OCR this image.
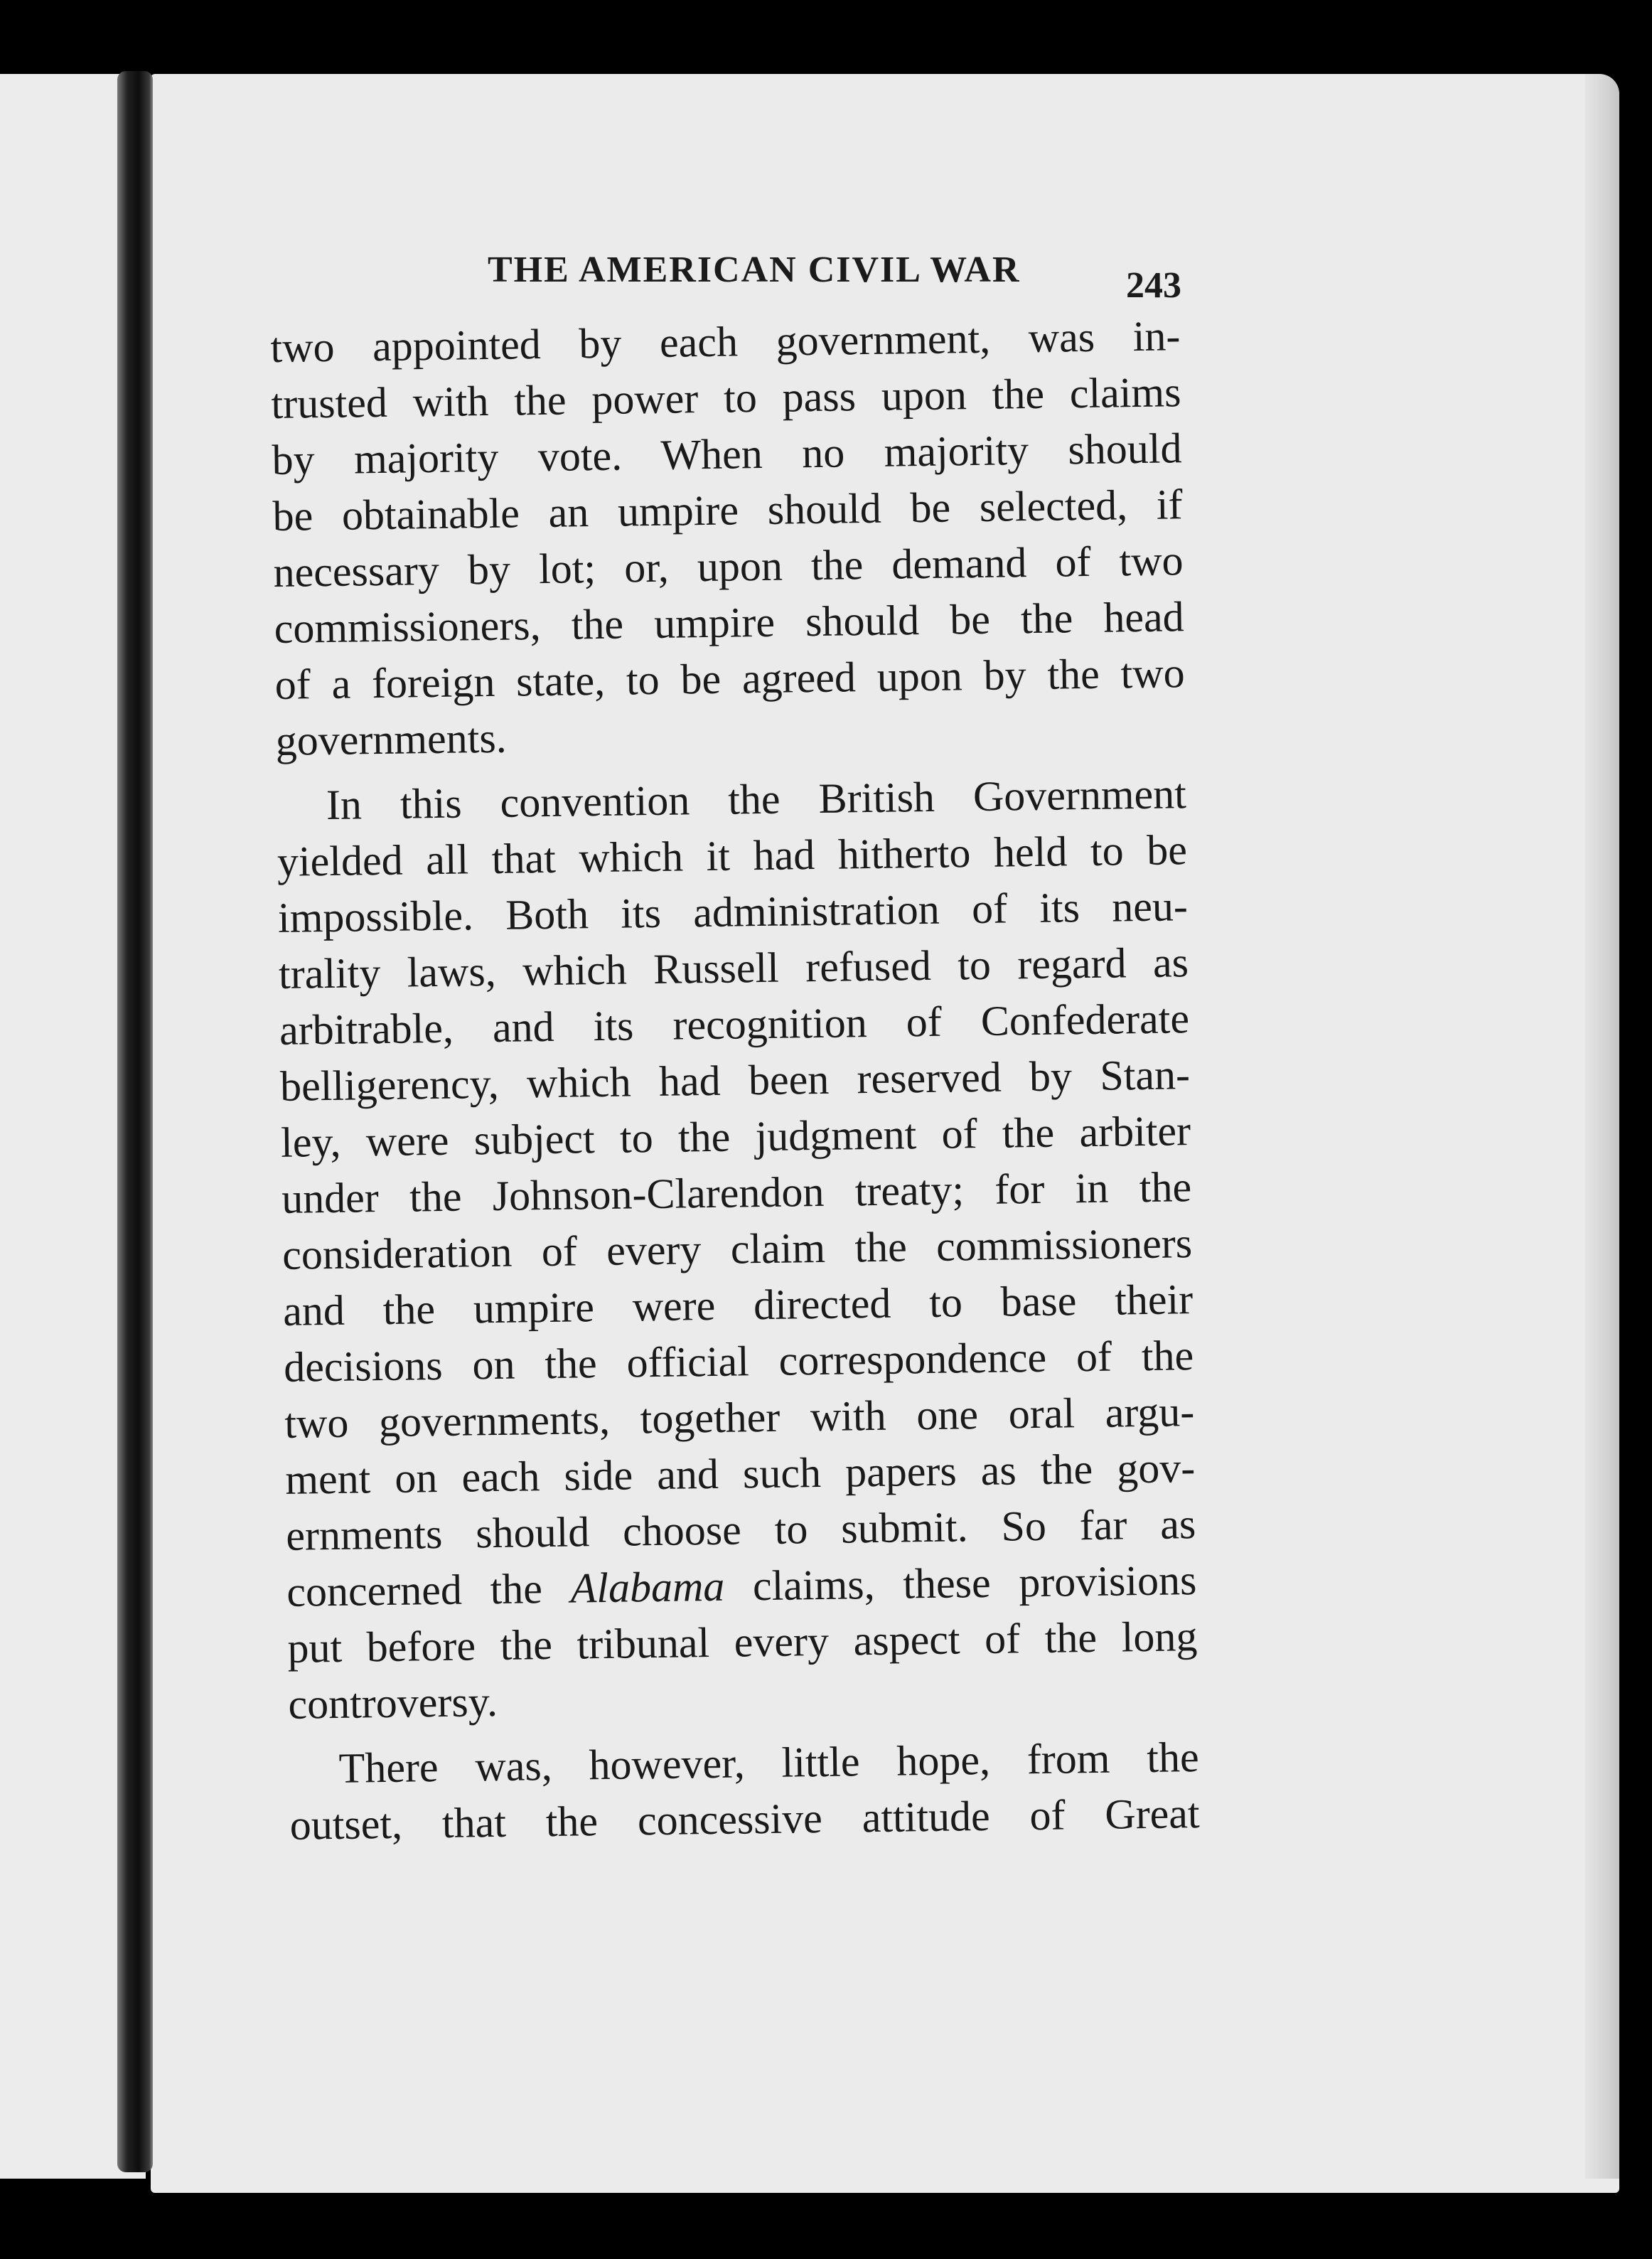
THE AMERICAN CIVIL WAR	243
two appointed by each government, was in-
trusted with the power to pass upon the claims
by majority vote. When no majority should
be obtainable an umpire should be selected, if
necessary by lot; or, upon the demand of two
commissioners, the umpire should be the head
of a foreign state, to be agreed upon by the two
governments.
In this convention the British Government
yielded all that which it had hitherto held to be
impossible. Both its administration of its neu-
trality laws, which Russell refused to regard as
arbitrable, and its recognition of Confederate
belligerency, which had been reserved by Stan-
ley, were subject to the judgment of the arbiter
under the Johnson-Clarendon treaty; for in the
consideration of every claim the commissioners
and the umpire were directed to base their
decisions on the official correspondence of the
two governments, together with one oral argu-
ment on each side and such papers as the gov-
ernments should choose to submit. So far as
concerned the Alabama claims, these provisions
put before the tribunal every aspect of the long
controversy.
There was, however, little hope, from the
outset, that the concessive attitude of Great
